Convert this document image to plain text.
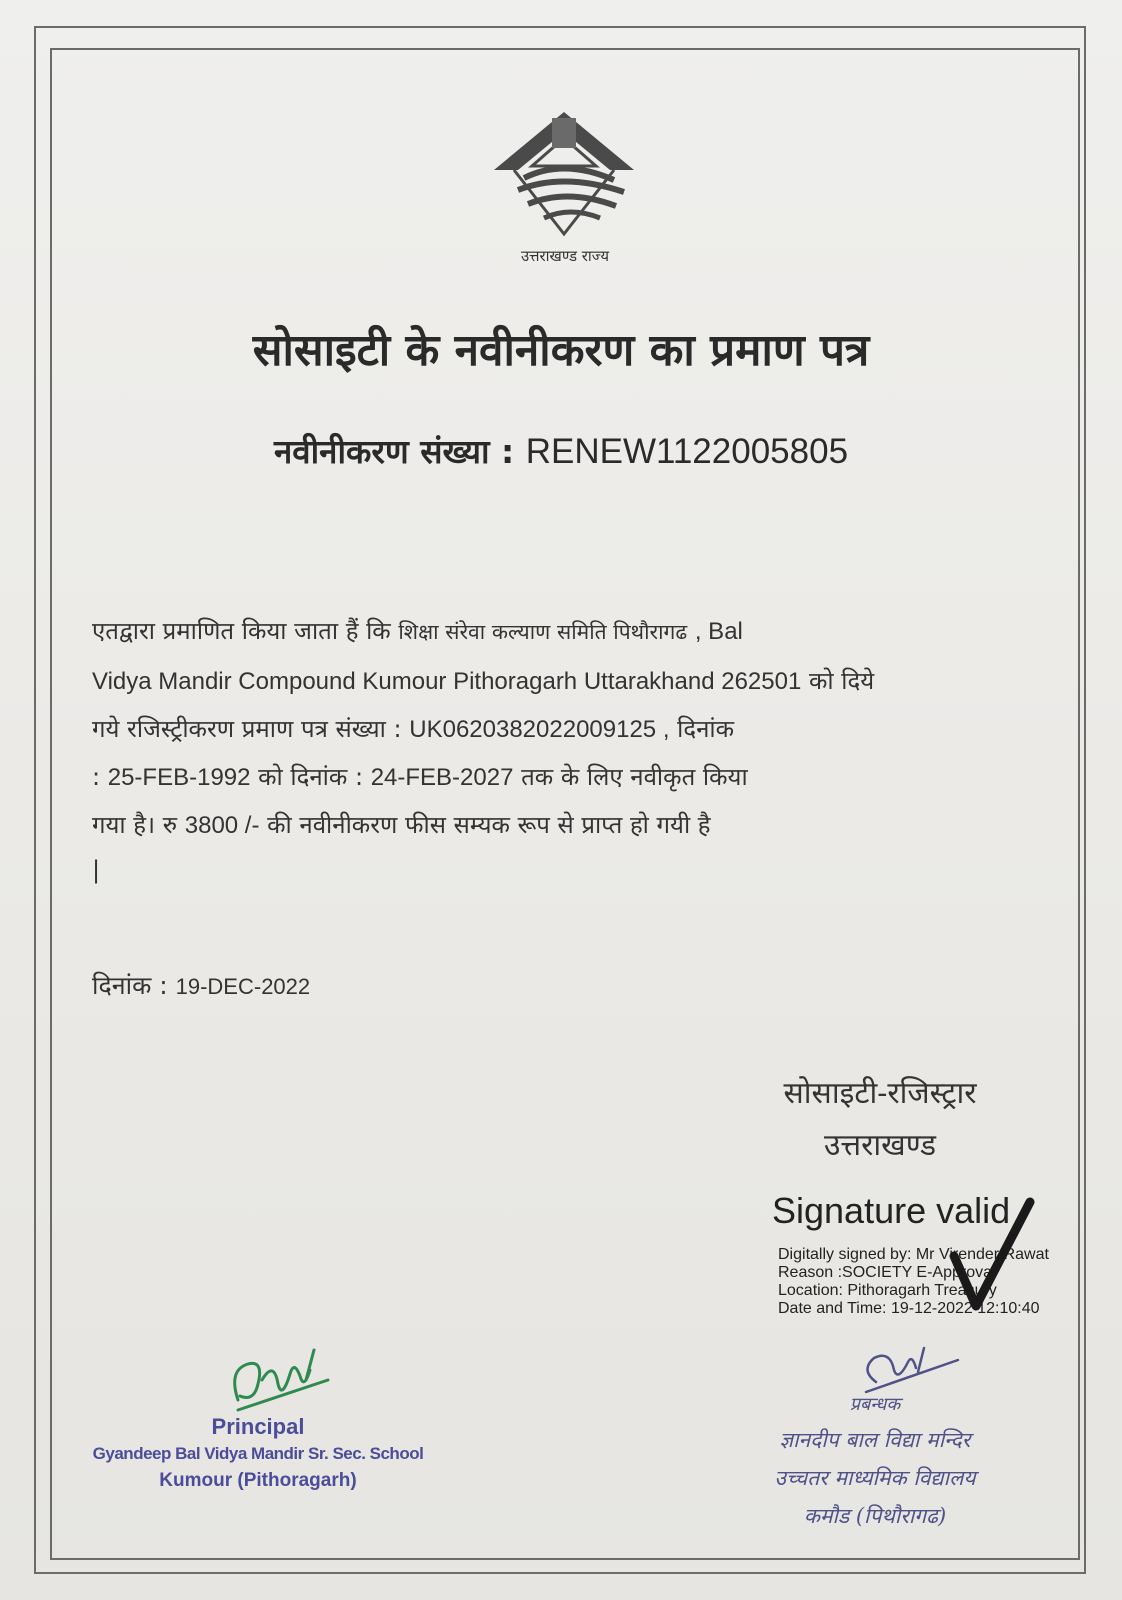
उत्तराखण्ड राज्य
सोसाइटी के नवीनीकरण का प्रमाण पत्र
नवीनीकरण संख्या : RENEW1122005805
एतद्वारा प्रमाणित किया जाता हैं कि शिक्षा संरेवा कल्याण समिति पिथौरागढ , Bal
Vidya Mandir Compound Kumour Pithoragarh Uttarakhand 262501 को दिये
गये रजिस्ट्रीकरण प्रमाण पत्र संख्या : UK0620382022009125 , दिनांक
: 25-FEB-1992 को दिनांक : 24-FEB-2027 तक के लिए नवीकृत किया
गया है। रु 3800 /- की नवीनीकरण फीस सम्यक रूप से प्राप्त हो गयी है
|
दिनांक : 19-DEC-2022
सोसाइटी-रजिस्ट्रार
उत्तराखण्ड
Signature valid
Digitally signed by: Mr Virender Rawat
Reason :SOCIETY E-Approval
Location: Pithoragarh Treasury
Date and Time: 19-12-2022 12:10:40
Principal
Gyandeep Bal Vidya Mandir Sr. Sec. School
Kumour (Pithoragarh)
प्रबन्धक
ज्ञानदीप बाल विद्या मन्दिर
उच्चतर माध्यमिक विद्यालय
कमौड (पिथौरागढ)
